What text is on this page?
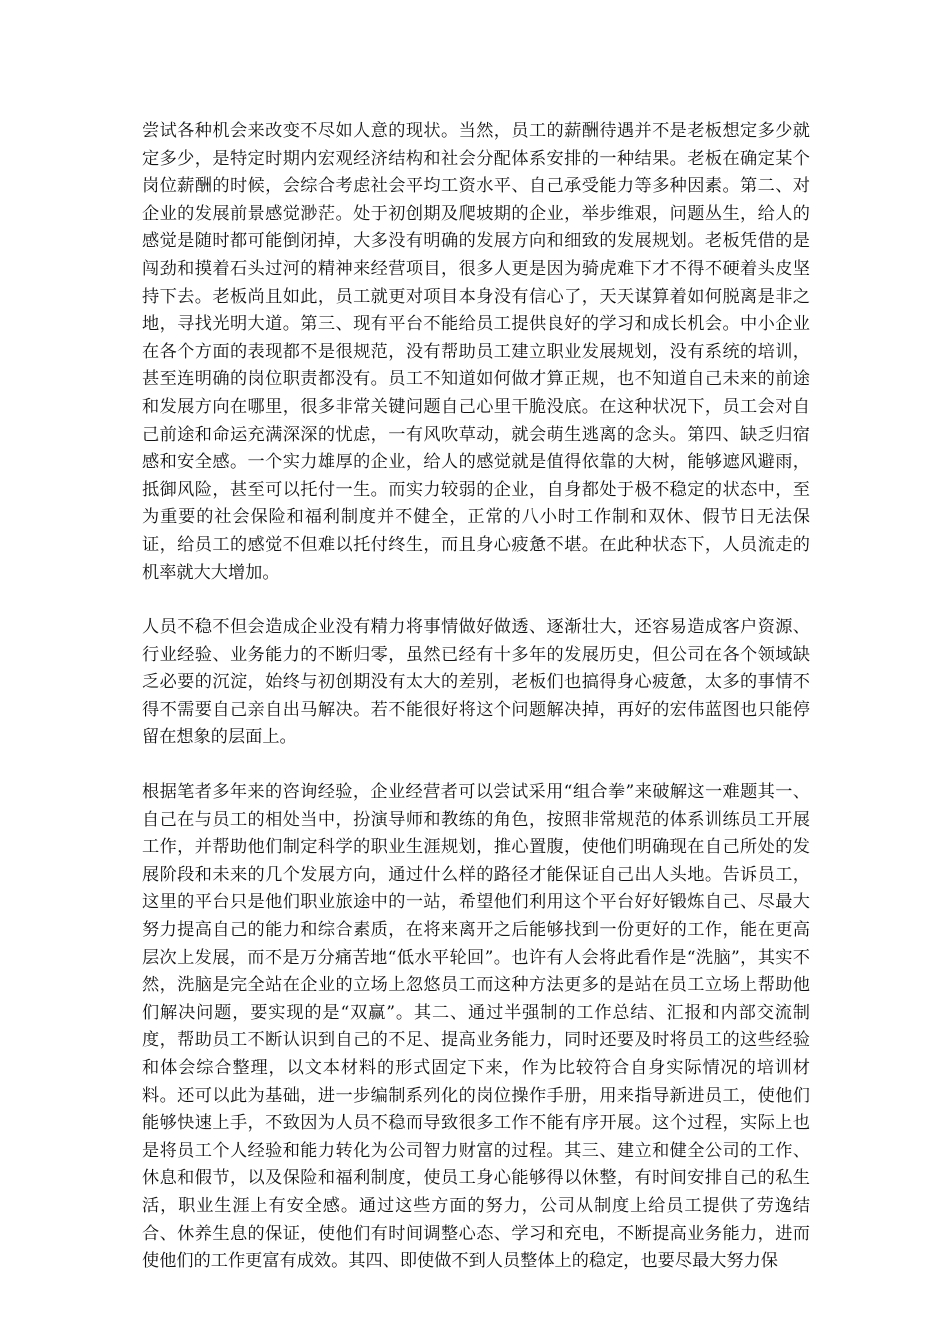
尝试各种机会来改变不尽如人意的现状。当然，员工的薪酬待遇并不是老板想定多少就定多少，是特定时期内宏观经济结构和社会分配体系安排的一种结果。老板在确定某个岗位薪酬的时候，会综合考虑社会平均工资水平、自己承受能力等多种因素。第二、对企业的发展前景感觉渺茫。处于初创期及爬坡期的企业，举步维艰，问题丛生，给人的感觉是随时都可能倒闭掉，大多没有明确的发展方向和细致的发展规划。老板凭借的是闯劲和摸着石头过河的精神来经营项目，很多人更是因为骑虎难下才不得不硬着头皮坚持下去。老板尚且如此，员工就更对项目本身没有信心了，天天谋算着如何脱离是非之地，寻找光明大道。第三、现有平台不能给员工提供良好的学习和成长机会。中小企业在各个方面的表现都不是很规范，没有帮助员工建立职业发展规划，没有系统的培训，甚至连明确的岗位职责都没有。员工不知道如何做才算正规，也不知道自己未来的前途和发展方向在哪里，很多非常关键问题自己心里干脆没底。在这种状况下，员工会对自己前途和命运充满深深的忧虑，一有风吹草动，就会萌生逃离的念头。第四、缺乏归宿感和安全感。一个实力雄厚的企业，给人的感觉就是值得依靠的大树，能够遮风避雨，抵御风险，甚至可以托付一生。而实力较弱的企业，自身都处于极不稳定的状态中，至为重要的社会保险和福利制度并不健全，正常的八小时工作制和双休、假节日无法保证，给员工的感觉不但难以托付终生，而且身心疲惫不堪。在此种状态下，人员流走的机率就大大增加。

人员不稳不但会造成企业没有精力将事情做好做透、逐渐壮大，还容易造成客户资源、行业经验、业务能力的不断归零，虽然已经有十多年的发展历史，但公司在各个领域缺乏必要的沉淀，始终与初创期没有太大的差别，老板们也搞得身心疲惫，太多的事情不得不需要自己亲自出马解决。若不能很好将这个问题解决掉，再好的宏伟蓝图也只能停留在想象的层面上。

根据笔者多年来的咨询经验，企业经营者可以尝试采用“组合拳”来破解这一难题其一、自己在与员工的相处当中，扮演导师和教练的角色，按照非常规范的体系训练员工开展工作，并帮助他们制定科学的职业生涯规划，推心置腹，使他们明确现在自己所处的发展阶段和未来的几个发展方向，通过什么样的路径才能保证自己出人头地。告诉员工，这里的平台只是他们职业旅途中的一站，希望他们利用这个平台好好锻炼自己、尽最大努力提高自己的能力和综合素质，在将来离开之后能够找到一份更好的工作，能在更高层次上发展，而不是万分痛苦地“低水平轮回”。也许有人会将此看作是“洗脑”，其实不然，洗脑是完全站在企业的立场上忽悠员工而这种方法更多的是站在员工立场上帮助他们解决问题，要实现的是“双赢”。其二、通过半强制的工作总结、汇报和内部交流制度，帮助员工不断认识到自己的不足、提高业务能力，同时还要及时将员工的这些经验和体会综合整理，以文本材料的形式固定下来，作为比较符合自身实际情况的培训材料。还可以此为基础，进一步编制系列化的岗位操作手册，用来指导新进员工，使他们能够快速上手，不致因为人员不稳而导致很多工作不能有序开展。这个过程，实际上也是将员工个人经验和能力转化为公司智力财富的过程。其三、建立和健全公司的工作、休息和假节，以及保险和福利制度，使员工身心能够得以休整，有时间安排自己的私生活，职业生涯上有安全感。通过这些方面的努力，公司从制度上给员工提供了劳逸结合、休养生息的保证，使他们有时间调整心态、学习和充电，不断提高业务能力，进而使他们的工作更富有成效。其四、即使做不到人员整体上的稳定，也要尽最大努力保
